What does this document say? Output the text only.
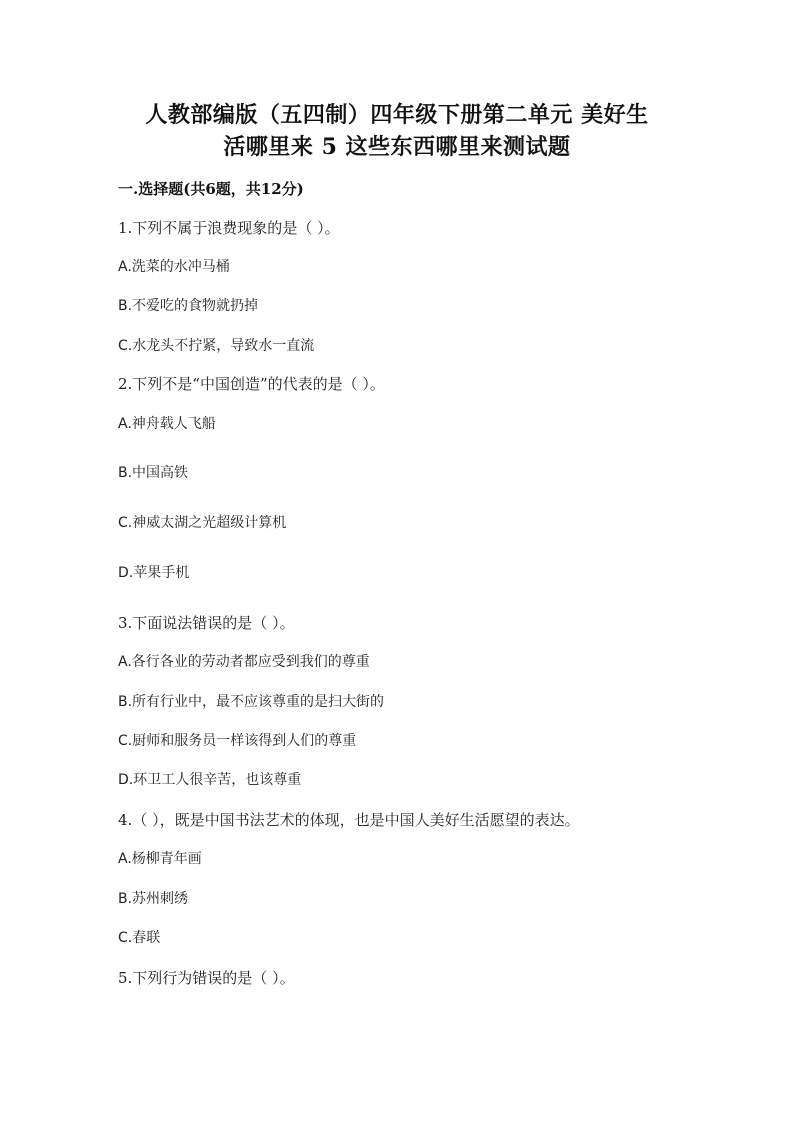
人教部编版（五四制）四年级下册第二单元 美好生
活哪里来 5 这些东西哪里来测试题
一.选择题(共6题，共12分)
1.下列不属于浪费现象的是（ ）。
A.洗菜的水冲马桶
B.不爱吃的食物就扔掉
C.水龙头不拧紧，导致水一直流
2.下列不是“中国创造”的代表的是（ ）。
A.神舟载人飞船
B.中国高铁
C.神威太湖之光超级计算机
D.苹果手机
3.下面说法错误的是（ ）。
A.各行各业的劳动者都应受到我们的尊重
B.所有行业中，最不应该尊重的是扫大街的
C.厨师和服务员一样该得到人们的尊重
D.环卫工人很辛苦，也该尊重
4.（ ），既是中国书法艺术的体现，也是中国人美好生活愿望的表达。
A.杨柳青年画
B.苏州刺绣
C.春联
5.下列行为错误的是（ ）。
